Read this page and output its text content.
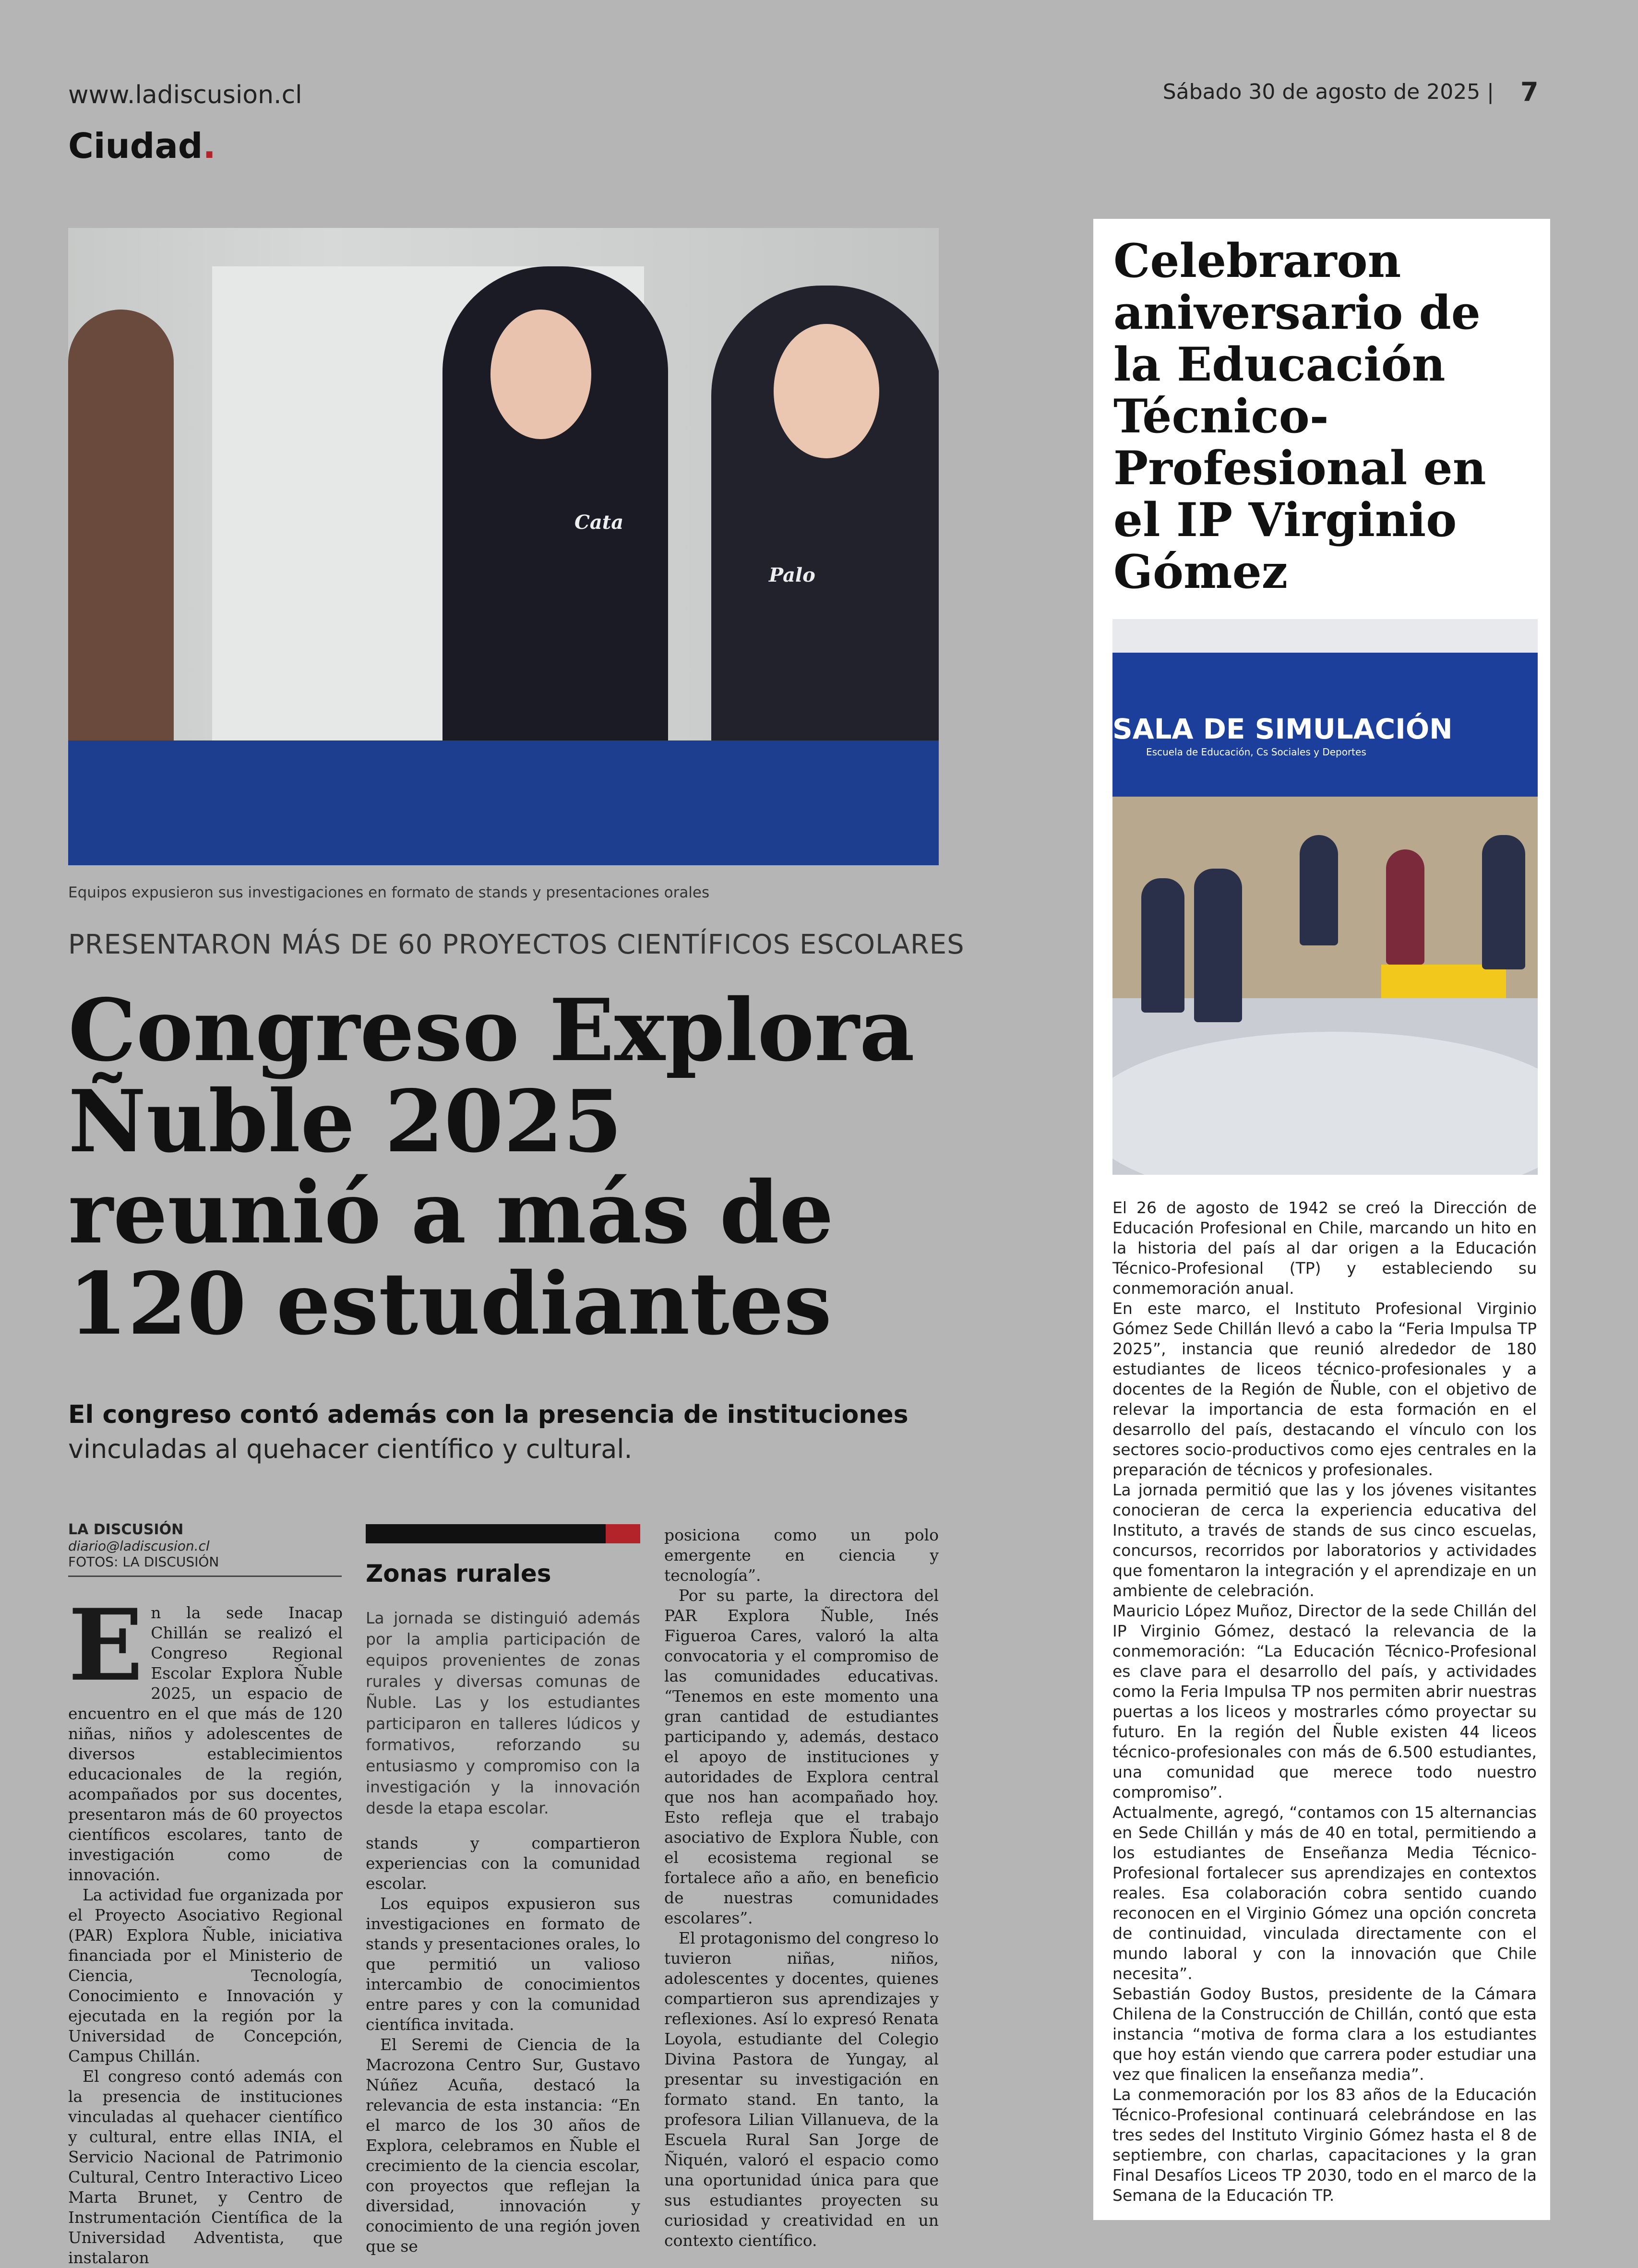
www.ladiscusion.cl	Sábado 30 de agosto de 2025 | 7
Ciudad.
Cata
Palo
Equipos expusieron sus investigaciones en formato de stands y presentaciones orales
PRESENTARON MÁS DE 60 PROYECTOS CIENTÍFICOS ESCOLARES
Congreso Explora Ñuble 2025 reunió a más de 120 estudiantes
El congreso contó además con la presencia de instituciones
vinculadas al quehacer científico y cultural.
LA DISCUSIÓN
diario@ladiscusion.cl
FOTOS: LA DISCUSIÓN

En la sede Inacap Chillán se realizó el Congreso Regional Escolar Explora Ñuble 2025, un espacio de encuentro en el que más de 120 niñas, niños y adolescentes de diversos establecimientos educacionales de la región, acompañados por sus docentes, presentaron más de 60 proyectos científicos escolares, tanto de investigación como de innovación.

La actividad fue organizada por el Proyecto Asociativo Regional (PAR) Explora Ñuble, iniciativa financiada por el Ministerio de Ciencia, Tecnología, Conocimiento e Innovación y ejecutada en la región por la Universidad de Concepción, Campus Chillán.

El congreso contó además con la presencia de instituciones vinculadas al quehacer científico y cultural, entre ellas INIA, el Servicio Nacional de Patrimonio Cultural, Centro Interactivo Liceo Marta Brunet, y Centro de Instrumentación Científica de la Universidad Adventista, que instalaron

Zonas rurales
La jornada se distinguió además por la amplia participación de equipos provenientes de zonas rurales y diversas comunas de Ñuble. Las y los estudiantes participaron en talleres lúdicos y formativos, reforzando su entusiasmo y compromiso con la investigación y la innovación desde la etapa escolar.

stands y compartieron experiencias con la comunidad escolar.

Los equipos expusieron sus investigaciones en formato de stands y presentaciones orales, lo que permitió un valioso intercambio de conocimientos entre pares y con la comunidad científica invitada.

El Seremi de Ciencia de la Macrozona Centro Sur, Gustavo Núñez Acuña, destacó la relevancia de esta instancia: “En el marco de los 30 años de Explora, celebramos en Ñuble el crecimiento de la ciencia escolar, con proyectos que reflejan la diversidad, innovación y conocimiento de una región joven que se

posiciona como un polo emergente en ciencia y tecnología”.

Por su parte, la directora del PAR Explora Ñuble, Inés Figueroa Cares, valoró la alta convocatoria y el compromiso de las comunidades educativas. “Tenemos en este momento una gran cantidad de estudiantes participando y, además, destaco el apoyo de instituciones y autoridades de Explora central que nos han acompañado hoy. Esto refleja que el trabajo asociativo de Explora Ñuble, con el ecosistema regional se fortalece año a año, en beneficio de nuestras comunidades escolares”.

El protagonismo del congreso lo tuvieron niñas, niños, adolescentes y docentes, quienes compartieron sus aprendizajes y reflexiones. Así lo expresó Renata Loyola, estudiante del Colegio Divina Pastora de Yungay, al presentar su investigación en formato stand. En tanto, la profesora Lilian Villanueva, de la Escuela Rural San Jorge de Ñiquén, valoró el espacio como una oportunidad única para que sus estudiantes proyecten su curiosidad y creatividad en un contexto científico.

Celebraron aniversario de la Educación Técnico-Profesional en el IP Virginio Gómez
SALA DE SIMULACIÓN
Escuela de Educación, Cs Sociales y Deportes

El 26 de agosto de 1942 se creó la Dirección de Educación Profesional en Chile, marcando un hito en la historia del país al dar origen a la Educación Técnico-Profesional (TP) y estableciendo su conmemoración anual.

En este marco, el Instituto Profesional Virginio Gómez Sede Chillán llevó a cabo la “Feria Impulsa TP 2025”, instancia que reunió alrededor de 180 estudiantes de liceos técnico-profesionales y a docentes de la Región de Ñuble, con el objetivo de relevar la importancia de esta formación en el desarrollo del país, destacando el vínculo con los sectores socio-productivos como ejes centrales en la preparación de técnicos y profesionales.

La jornada permitió que las y los jóvenes visitantes conocieran de cerca la experiencia educativa del Instituto, a través de stands de sus cinco escuelas, concursos, recorridos por laboratorios y actividades que fomentaron la integración y el aprendizaje en un ambiente de celebración.

Mauricio López Muñoz, Director de la sede Chillán del IP Virginio Gómez, destacó la relevancia de la conmemoración: “La Educación Técnico-Profesional es clave para el desarrollo del país, y actividades como la Feria Impulsa TP nos permiten abrir nuestras puertas a los liceos y mostrarles cómo proyectar su futuro. En la región del Ñuble existen 44 liceos técnico-profesionales con más de 6.500 estudiantes, una comunidad que merece todo nuestro compromiso”.

Actualmente, agregó, “contamos con 15 alternancias en Sede Chillán y más de 40 en total, permitiendo a los estudiantes de Enseñanza Media Técnico-Profesional fortalecer sus aprendizajes en contextos reales. Esa colaboración cobra sentido cuando reconocen en el Virginio Gómez una opción concreta de continuidad, vinculada directamente con el mundo laboral y con la innovación que Chile necesita”.

Sebastián Godoy Bustos, presidente de la Cámara Chilena de la Construcción de Chillán, contó que esta instancia “motiva de forma clara a los estudiantes que hoy están viendo que carrera poder estudiar una vez que finalicen la enseñanza media”.

La conmemoración por los 83 años de la Educación Técnico-Profesional continuará celebrándose en las tres sedes del Instituto Virginio Gómez hasta el 8 de septiembre, con charlas, capacitaciones y la gran Final Desafíos Liceos TP 2030, todo en el marco de la Semana de la Educación TP.
